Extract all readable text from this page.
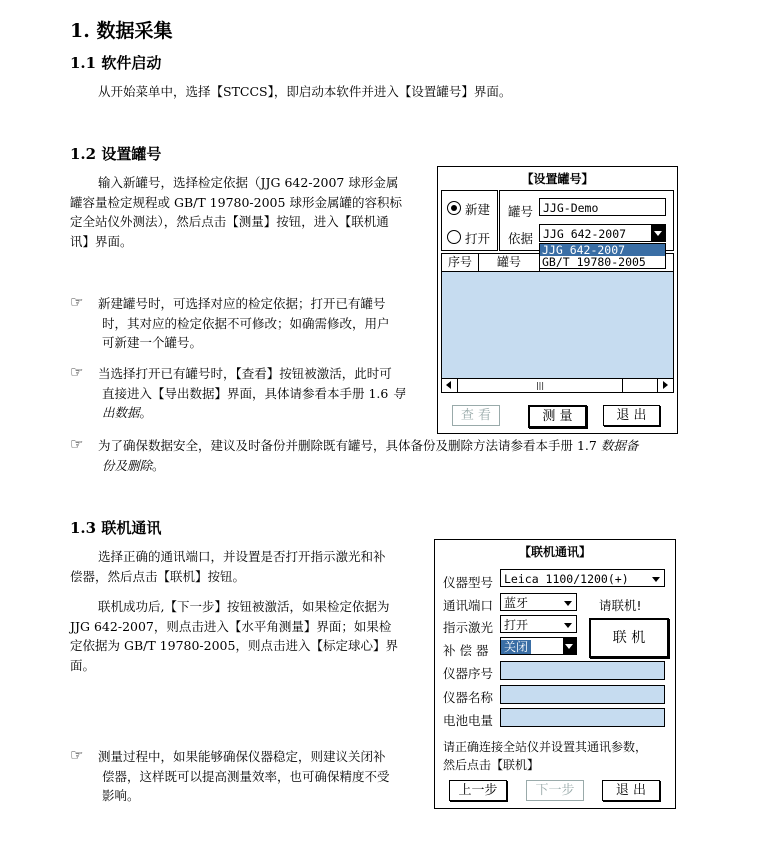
1. 数据采集
1.1 软件启动
从开始菜单中，选择【STCCS】，即启动本软件并进入【设置罐号】界面。
1.2 设置罐号
输入新罐号，选择检定依据（JJG 642-2007 球形金属
罐容量检定规程或 GB/T 19780-2005 球形金属罐的容积标
定全站仪外测法），然后点击【测量】按钮，进入【联机通
讯】界面。
☞ 新建罐号时，可选择对应的检定依据；打开已有罐号
时，其对应的检定依据不可修改；如确需修改，用户
可新建一个罐号。
☞ 当选择打开已有罐号时，【查看】按钮被激活，此时可
直接进入【导出数据】界面，具体请参看本手册 1.6 导
出数据。
☞ 为了确保数据安全，建议及时备份并删除既有罐号，具体备份及删除方法请参看本手册 1.7 数据备
份及删除。
1.3 联机通讯
选择正确的通讯端口，并设置是否打开指示激光和补
偿器，然后点击【联机】按钮。
联机成功后,【下一步】按钮被激活，如果检定依据为
JJG 642-2007，则点击进入【水平角测量】界面；如果检
定依据为 GB/T 19780-2005，则点击进入【标定球心】界
面。
☞ 测量过程中，如果能够确保仪器稳定，则建议关闭补
偿器，这样既可以提高测量效率，也可确保精度不受
影响。
【设置罐号】
新建
打开
罐号 JJG-Demo
依据 JJG 642-2007
JJG 642-2007
GB/T 19780-2005
序号	罐号
|||
查 看	测 量	退 出
【联机通讯】
仪器型号 Leica 1100/1200(+)
通讯端口 蓝牙	请联机!
指示激光 打开
补 偿 器	关闭
联 机
仪器序号
仪器名称
电池电量
请正确连接全站仪并设置其通讯参数，
然后点击【联机】
上一步	下一步	退 出
